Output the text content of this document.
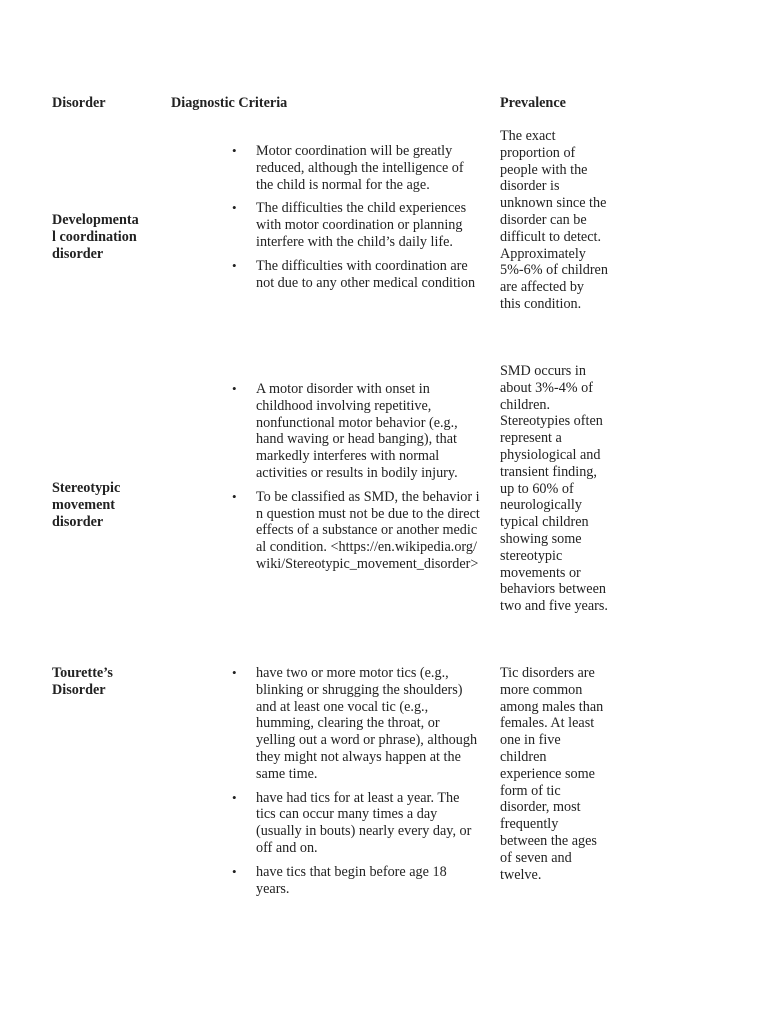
Disorder	Diagnostic Criteria	Prevalence
Developmenta
l coordination
disorder
• Motor coordination will be greatly reduced, although the intelligence of the child is normal for the age.
• The difficulties the child experiences with motor coordination or planning interfere with the child’s daily life.
• The difficulties with coordination are not due to any other medical condition
The exact proportion of people with the disorder is unknown since the disorder can be difficult to detect. Approximately 5%-6% of children are affected by this condition.
Stereotypic movement disorder
• A motor disorder with onset in childhood involving repetitive, nonfunctional motor behavior (e.g., hand waving or head banging), that markedly interferes with normal activities or results in bodily injury.
• To be classified as SMD, the behavior in question must not be due to the direct effects of a substance or another medical condition. <https://en.wikipedia.org/wiki/Stereotypic_movement_disorder>
SMD occurs in about 3%-4% of children. Stereotypies often represent a physiological and transient finding, up to 60% of neurologically typical children showing some stereotypic movements or behaviors between two and five years.
Tourette’s Disorder
• have two or more motor tics (e.g., blinking or shrugging the shoulders) and at least one vocal tic (e.g., humming, clearing the throat, or yelling out a word or phrase), although they might not always happen at the same time.
• have had tics for at least a year. The tics can occur many times a day (usually in bouts) nearly every day, or off and on.
• have tics that begin before age 18 years.
Tic disorders are more common among males than females. At least one in five children experience some form of tic disorder, most frequently between the ages of seven and twelve.
